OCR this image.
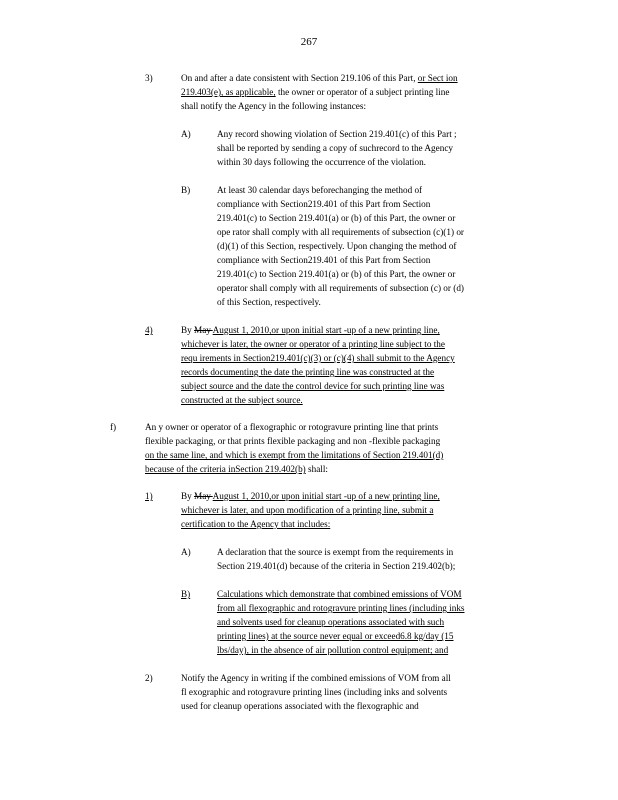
267
3)	On and after a date consistent with Section 219.106 of this Part, or Sect ion
219.403(e), as applicable, the owner or operator of a subject printing line
shall notify the Agency in the following instances:
A)	Any record showing violation of Section 219.401(c) of this Part ;
shall be reported by sending a copy of suchrecord to the Agency
within 30 days following the occurrence of the violation.
B)	At least 30 calendar days beforechanging the method of
compliance with Section219.401 of this Part from Section
219.401(c) to Section 219.401(a) or (b) of this Part, the owner or
ope rator shall comply with all requirements of subsection (c)(1) or
(d)(1) of this Section, respectively. Upon changing the method of
compliance with Section219.401 of this Part from Section
219.401(c) to Section 219.401(a) or (b) of this Part, the owner or
operator shall comply with all requirements of subsection (c) or (d)
of this Section, respectively.
4)	By May August 1, 2010,or upon initial start -up of a new printing line,
whichever is later, the owner or operator of a printing line subject to the
requ irements in Section219.401(c)(3) or (c)(4) shall submit to the Agency
records documenting the date the printing line was constructed at the
subject source and the date the control device for such printing line was
constructed at the subject source.
f)	An y owner or operator of a flexographic or rotogravure printing line that prints
flexible packaging, or that prints flexible packaging and non -flexible packaging
on the same line, and which is exempt from the limitations of Section 219.401(d)
because of the criteria inSection 219.402(b) shall:
1)	By May August 1, 2010,or upon initial start -up of a new printing line,
whichever is later, and upon modification of a printing line, submit a
certification to the Agency that includes:
A)	A declaration that the source is exempt from the requirements in
Section 219.401(d) because of the criteria in Section 219.402(b);
B)	Calculations which demonstrate that combined emissions of VOM
from all flexographic and rotogravure printing lines (including inks
and solvents used for cleanup operations associated with such
printing lines) at the source never equal or exceed6.8 kg/day (15
lbs/day), in the absence of air pollution control equipment; and
2)	Notify the Agency in writing if the combined emissions of VOM from all
fl exographic and rotogravure printing lines (including inks and solvents
used for cleanup operations associated with the flexographic and
